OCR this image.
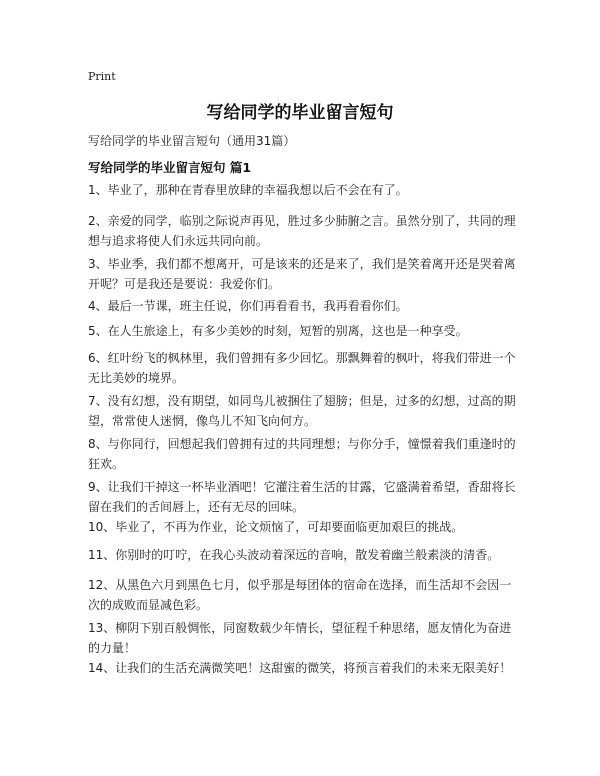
Print
写给同学的毕业留言短句

写给同学的毕业留言短句（通用31篇）

写给同学的毕业留言短句 篇1

1、毕业了，那种在青春里放肆的幸福我想以后不会在有了。

2、亲爱的同学，临别之际说声再见，胜过多少肺腑之言。虽然分别了，共同的理想与追求将使人们永远共同向前。

3、毕业季，我们都不想离开，可是该来的还是来了，我们是笑着离开还是哭着离开呢？可是我还是要说：我爱你们。

4、最后一节课，班主任说，你们再看看书，我再看看你们。

5、在人生旅途上，有多少美妙的时刻，短暂的别离，这也是一种享受。

6、红叶纷飞的枫林里，我们曾拥有多少回忆。那飘舞着的枫叶，将我们带进一个无比美妙的境界。

7、没有幻想，没有期望，如同鸟儿被捆住了翅膀；但是，过多的幻想，过高的期望，常常使人迷惘，像鸟儿不知飞向何方。

8、与你同行，回想起我们曾拥有过的共同理想；与你分手，憧憬着我们重逢时的狂欢。

9、让我们干掉这一杯毕业酒吧！它灌注着生活的甘露，它盛满着希望，香甜将长留在我们的舌间唇上，还有无尽的回味。

10、毕业了，不再为作业，论文烦恼了，可却要面临更加艰巨的挑战。

11、你别时的叮咛，在我心头波动着深远的音响，散发着幽兰般素淡的清香。

12、从黑色六月到黑色七月，似乎那是每团体的宿命在选择，而生活却不会因一次的成败而显减色彩。

13、柳阴下别百般惆怅，同窗数载少年情长，望征程千种思绪，愿友情化为奋进的力量！

14、让我们的生活充满微笑吧！这甜蜜的微笑，将预言着我们的未来无限美好！
